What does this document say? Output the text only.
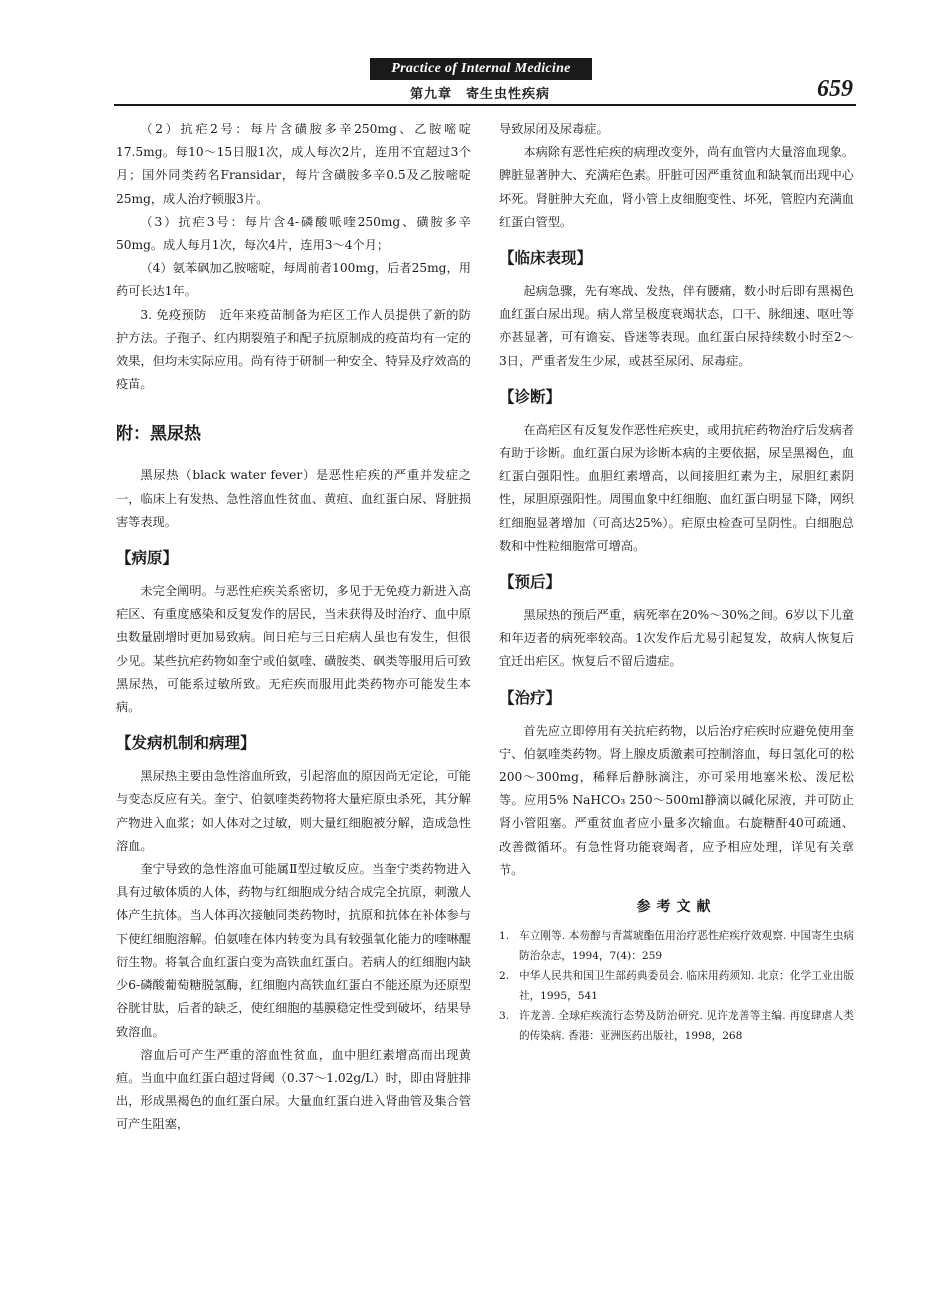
Practice of Internal Medicine
第九章　寄生虫性疾病	659

（2）抗疟2号：每片含磺胺多辛250mg、乙胺嘧啶17.5mg。每10～15日服1次，成人每次2片，连用不宜超过3个月；国外同类药名Fransidar，每片含磺胺多辛0.5及乙胺嘧啶25mg，成人治疗顿服3片。

（3）抗疟3号：每片含4-磷酸哌喹250mg、磺胺多辛50mg。成人每月1次，每次4片，连用3～4个月；

（4）氨苯砜加乙胺嘧啶，每周前者100mg，后者25mg，用药可长达1年。

3. 免疫预防　近年来疫苗制备为疟区工作人员提供了新的防护方法。子孢子、红内期裂殖子和配子抗原制成的疫苗均有一定的效果，但均未实际应用。尚有待于研制一种安全、特异及疗效高的疫苗。

附：黑尿热

黑尿热（black water fever）是恶性疟疾的严重并发症之一，临床上有发热、急性溶血性贫血、黄疸、血红蛋白尿、肾脏损害等表现。

【病原】

未完全阐明。与恶性疟疾关系密切，多见于无免疫力新进入高疟区、有重度感染和反复发作的居民，当未获得及时治疗、血中原虫数量剧增时更加易致病。间日疟与三日疟病人虽也有发生，但很少见。某些抗疟药物如奎宁或伯氨喹、磺胺类、砜类等服用后可致黑尿热，可能系过敏所致。无疟疾而服用此类药物亦可能发生本病。

【发病机制和病理】

黑尿热主要由急性溶血所致，引起溶血的原因尚无定论，可能与变态反应有关。奎宁、伯氨喹类药物将大量疟原虫杀死，其分解产物进入血浆；如人体对之过敏，则大量红细胞被分解，造成急性溶血。

奎宁导致的急性溶血可能属Ⅱ型过敏反应。当奎宁类药物进入具有过敏体质的人体，药物与红细胞成分结合成完全抗原，刺激人体产生抗体。当人体再次接触同类药物时，抗原和抗体在补体参与下使红细胞溶解。伯氨喹在体内转变为具有较强氧化能力的喹啉醌衍生物。将氧合血红蛋白变为高铁血红蛋白。若病人的红细胞内缺少6-磷酸葡萄糖脱氢酶，红细胞内高铁血红蛋白不能还原为还原型谷胱甘肽，后者的缺乏，使红细胞的基膜稳定性受到破坏，结果导致溶血。

溶血后可产生严重的溶血性贫血，血中胆红素增高而出现黄疸。当血中血红蛋白超过肾阈（0.37～1.02g/L）时，即由肾脏排出，形成黑褐色的血红蛋白尿。大量血红蛋白进入肾曲管及集合管可产生阻塞，

导致尿闭及尿毒症。

本病除有恶性疟疾的病理改变外，尚有血管内大量溶血现象。脾脏显著肿大、充满疟色素。肝脏可因严重贫血和缺氧而出现中心坏死。肾脏肿大充血，肾小管上皮细胞变性、坏死，管腔内充满血红蛋白管型。

【临床表现】

起病急骤，先有寒战、发热，伴有腰痛，数小时后即有黑褐色血红蛋白尿出现。病人常呈极度衰竭状态，口干、脉细速、呕吐等亦甚显著，可有谵妄、昏迷等表现。血红蛋白尿持续数小时至2～3日，严重者发生少尿，或甚至尿闭、尿毒症。

【诊断】

在高疟区有反复发作恶性疟疾史，或用抗疟药物治疗后发病者有助于诊断。血红蛋白尿为诊断本病的主要依据，尿呈黑褐色，血红蛋白强阳性。血胆红素增高，以间接胆红素为主，尿胆红素阴性，尿胆原强阳性。周围血象中红细胞、血红蛋白明显下降，网织红细胞显著增加（可高达25%）。疟原虫检查可呈阴性。白细胞总数和中性粒细胞常可增高。

【预后】

黑尿热的预后严重，病死率在20%～30%之间。6岁以下儿童和年迈者的病死率较高。1次发作后尤易引起复发，故病人恢复后宜迁出疟区。恢复后不留后遗症。

【治疗】

首先应立即停用有关抗疟药物，以后治疗疟疾时应避免使用奎宁、伯氨喹类药物。肾上腺皮质激素可控制溶血，每日氢化可的松200～300mg，稀释后静脉滴注，亦可采用地塞米松、泼尼松等。应用5% NaHCO₃ 250～500ml静滴以碱化尿液，并可防止肾小管阻塞。严重贫血者应小量多次输血。右旋糖酐40可疏通、改善微循环。有急性肾功能衰竭者，应予相应处理，详见有关章节。

参考文献
1. 车立刚等. 本芴醇与青蒿琥酯伍用治疗恶性疟疾疗效观察. 中国寄生虫病防治杂志，1994，7(4)：259
2. 中华人民共和国卫生部药典委员会. 临床用药须知. 北京：化学工业出版社，1995，541
3. 许龙善. 全球疟疾流行态势及防治研究. 见许龙善等主编. 再度肆虐人类的传染病. 香港：亚洲医药出版社，1998，268
